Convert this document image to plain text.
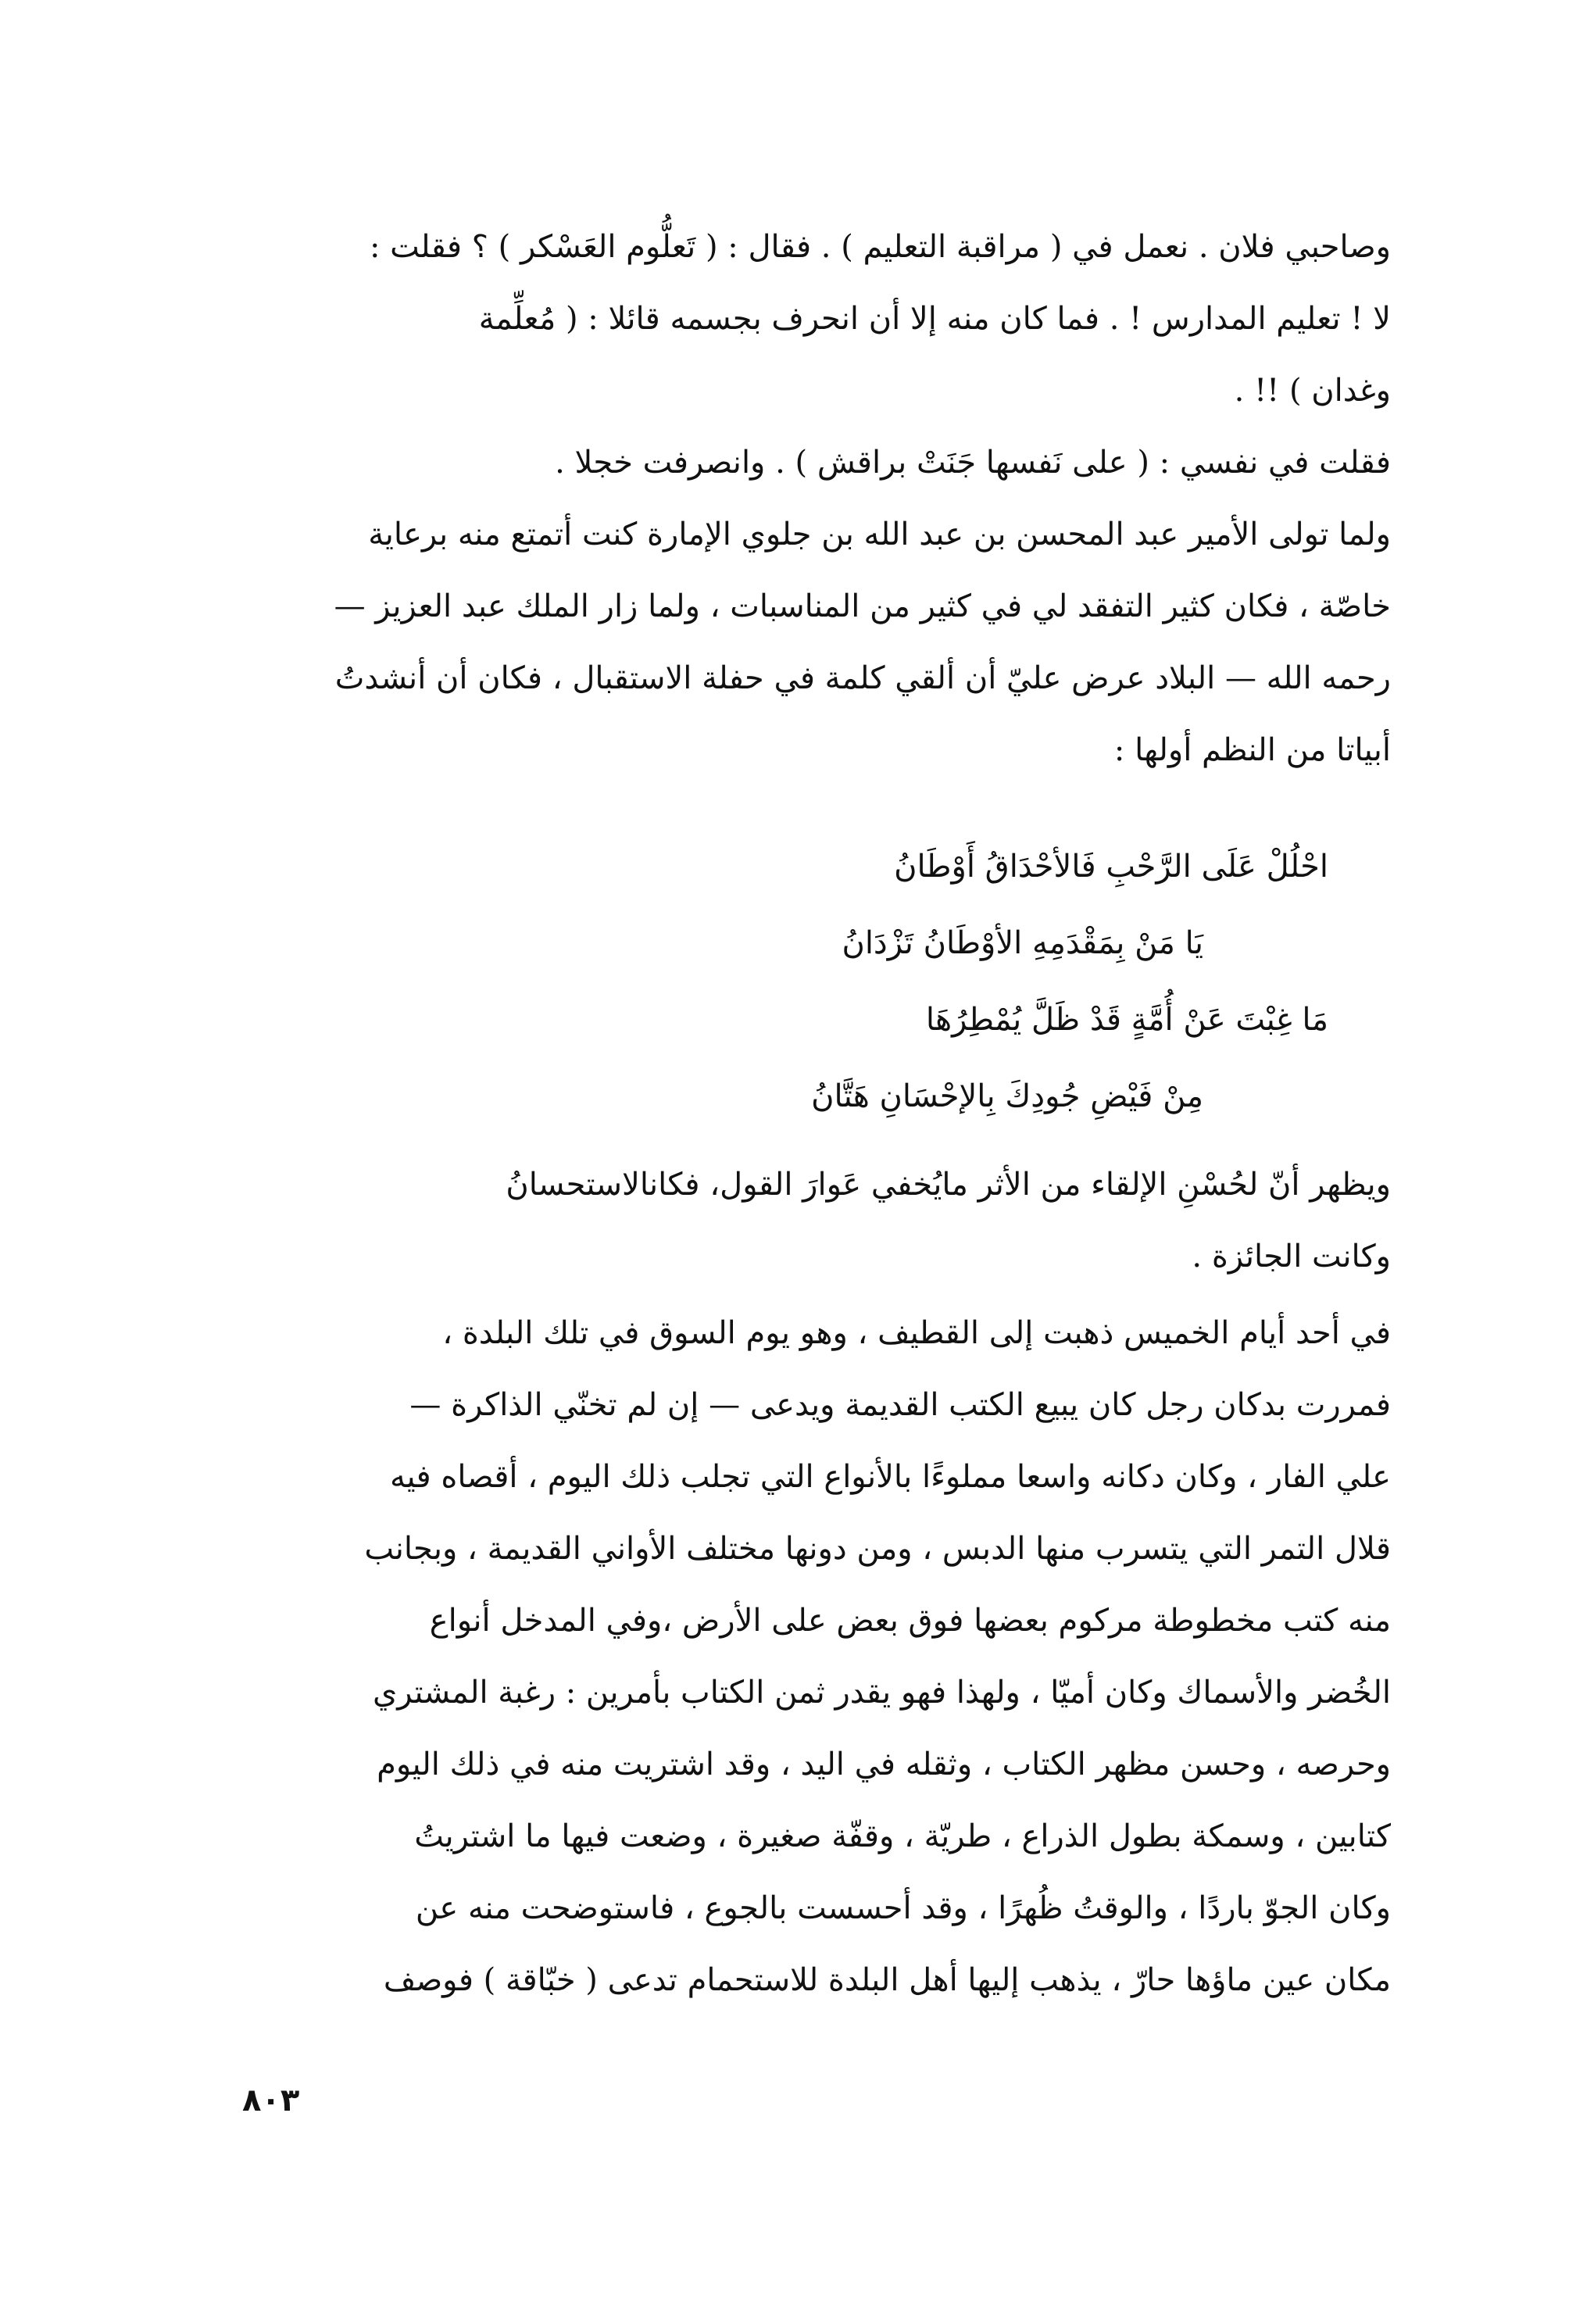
وصاحبي فلان . نعمل في ( مراقبة التعليم ) . فقال : ( تَعلُّوم العَسْكر ) ؟ فقلت :
لا ! تعليم المدارس ! . فما كان منه إلا أن انحرف بجسمه قائلا : ( مُعلِّمة
وغدان ) !! .
فقلت في نفسي : ( على نَفسها جَنَتْ براقش ) . وانصرفت خجلا .
ولما تولى الأمير عبد المحسن بن عبد الله بن جلوي الإمارة كنت أتمتع منه برعاية
خاصّة ، فكان كثير التفقد لي في كثير من المناسبات ، ولما زار الملك عبد العزيز —
رحمه الله — البلاد عرض عليّ أن ألقي كلمة في حفلة الاستقبال ، فكان أن أنشدتُ
أبياتا من النظم أولها :
احْلُلْ عَلَى الرَّحْبِ فَالأحْدَاقُ أَوْطَانُ
يَا مَنْ بِمَقْدَمِهِ الأوْطَانُ تَزْدَانُ
مَا غِبْتَ عَنْ أُمَّةٍ قَدْ ظَلَّ يُمْطِرُهَا
مِنْ فَيْضِ جُودِكَ بِالإحْسَانِ هَتَّانُ
ويظهر أنّ لحُسْنِ الإلقاء من الأثر مايُخفي عَوارَ القول، فكانالاستحسانُ
وكانت الجائزة .
في أحد أيام الخميس ذهبت إلى القطيف ، وهو يوم السوق في تلك البلدة ،
فمررت بدكان رجل كان يبيع الكتب القديمة ويدعى — إن لم تخنّي الذاكرة —
علي الفار ، وكان دكانه واسعا مملوءًا بالأنواع التي تجلب ذلك اليوم ، أقصاه فيه
قلال التمر التي يتسرب منها الدبس ، ومن دونها مختلف الأواني القديمة ، وبجانب
منه كتب مخطوطة مركوم بعضها فوق بعض على الأرض ،وفي المدخل أنواع
الخُضر والأسماك وكان أميّا ، ولهذا فهو يقدر ثمن الكتاب بأمرين : رغبة المشتري
وحرصه ، وحسن مظهر الكتاب ، وثقله في اليد ، وقد اشتريت منه في ذلك اليوم
كتابين ، وسمكة بطول الذراع ، طريّة ، وقفّة صغيرة ، وضعت فيها ما اشتريتُ
وكان الجوّ باردًا ، والوقتُ ظُهرًا ، وقد أحسست بالجوع ، فاستوضحت منه عن
مكان عين ماؤها حارّ ، يذهب إليها أهل البلدة للاستحمام تدعى ( خبّاقة ) فوصف
٨٠٣
